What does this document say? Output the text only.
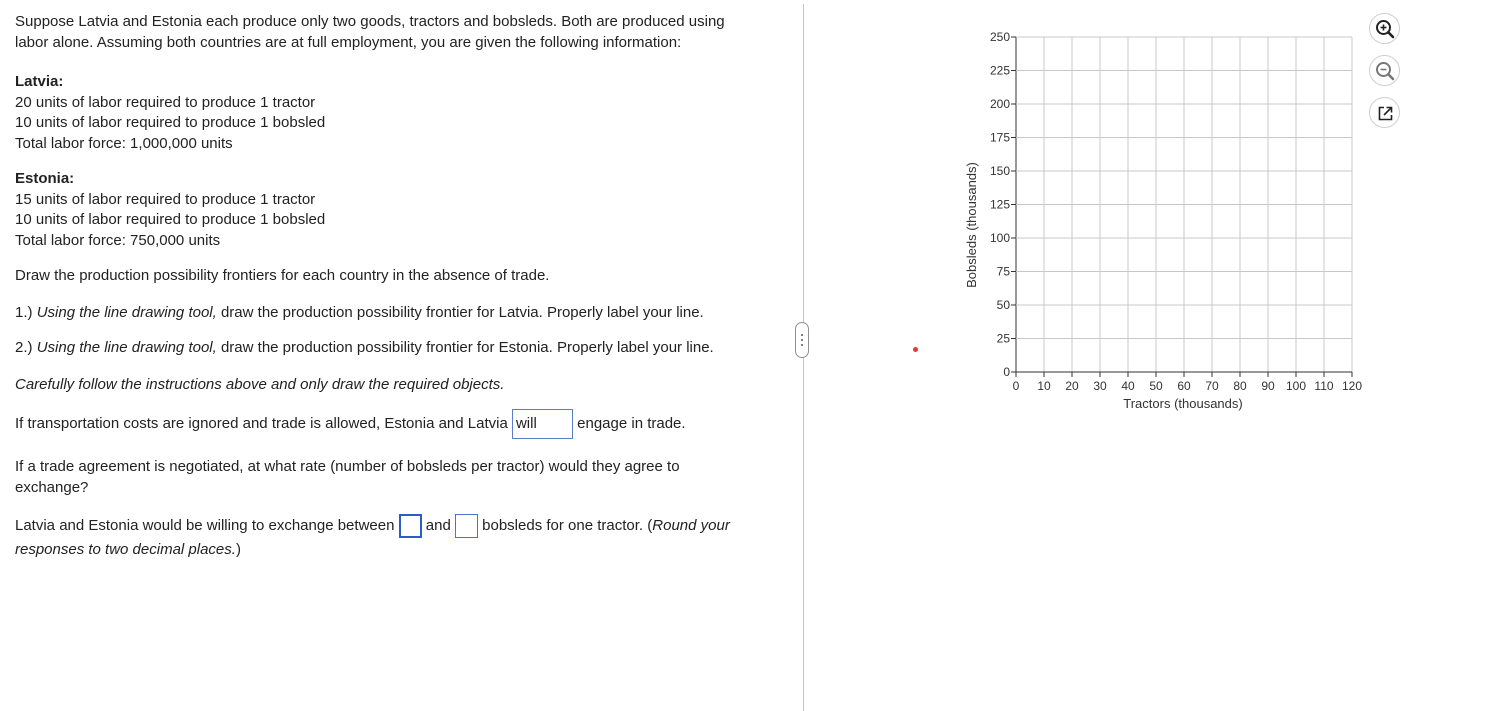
Suppose Latvia and Estonia each produce only two goods, tractors and bobsleds. Both are produced using labor alone. Assuming both countries are at full employment, you are given the following information:

Latvia:

20 units of labor required to produce 1 tractor

10 units of labor required to produce 1 bobsled

Total labor force: 1,000,000 units

Estonia:

15 units of labor required to produce 1 tractor

10 units of labor required to produce 1 bobsled

Total labor force: 750,000 units

Draw the production possibility frontiers for each country in the absence of trade.

1.) Using the line drawing tool, draw the production possibility frontier for Latvia. Properly label your line.

2.) Using the line drawing tool, draw the production possibility frontier for Estonia. Properly label your line.

Carefully follow the instructions above and only draw the required objects.

If transportation costs are ignored and trade is allowed, Estonia and Latvia will	engage in trade.

If a trade agreement is negotiated, at what rate (number of bobsleds per tractor) would they agree to exchange?

Latvia and Estonia would be willing to exchange between and bobsleds for one tractor. (Round your responses to two decimal places.)

Bobsleds (thousands)
Tractors (thousands)
0 10 20 30 40 50 60 70 80 90 100 110 120
0
25
50
75
100
125
150
175
200
225
250
